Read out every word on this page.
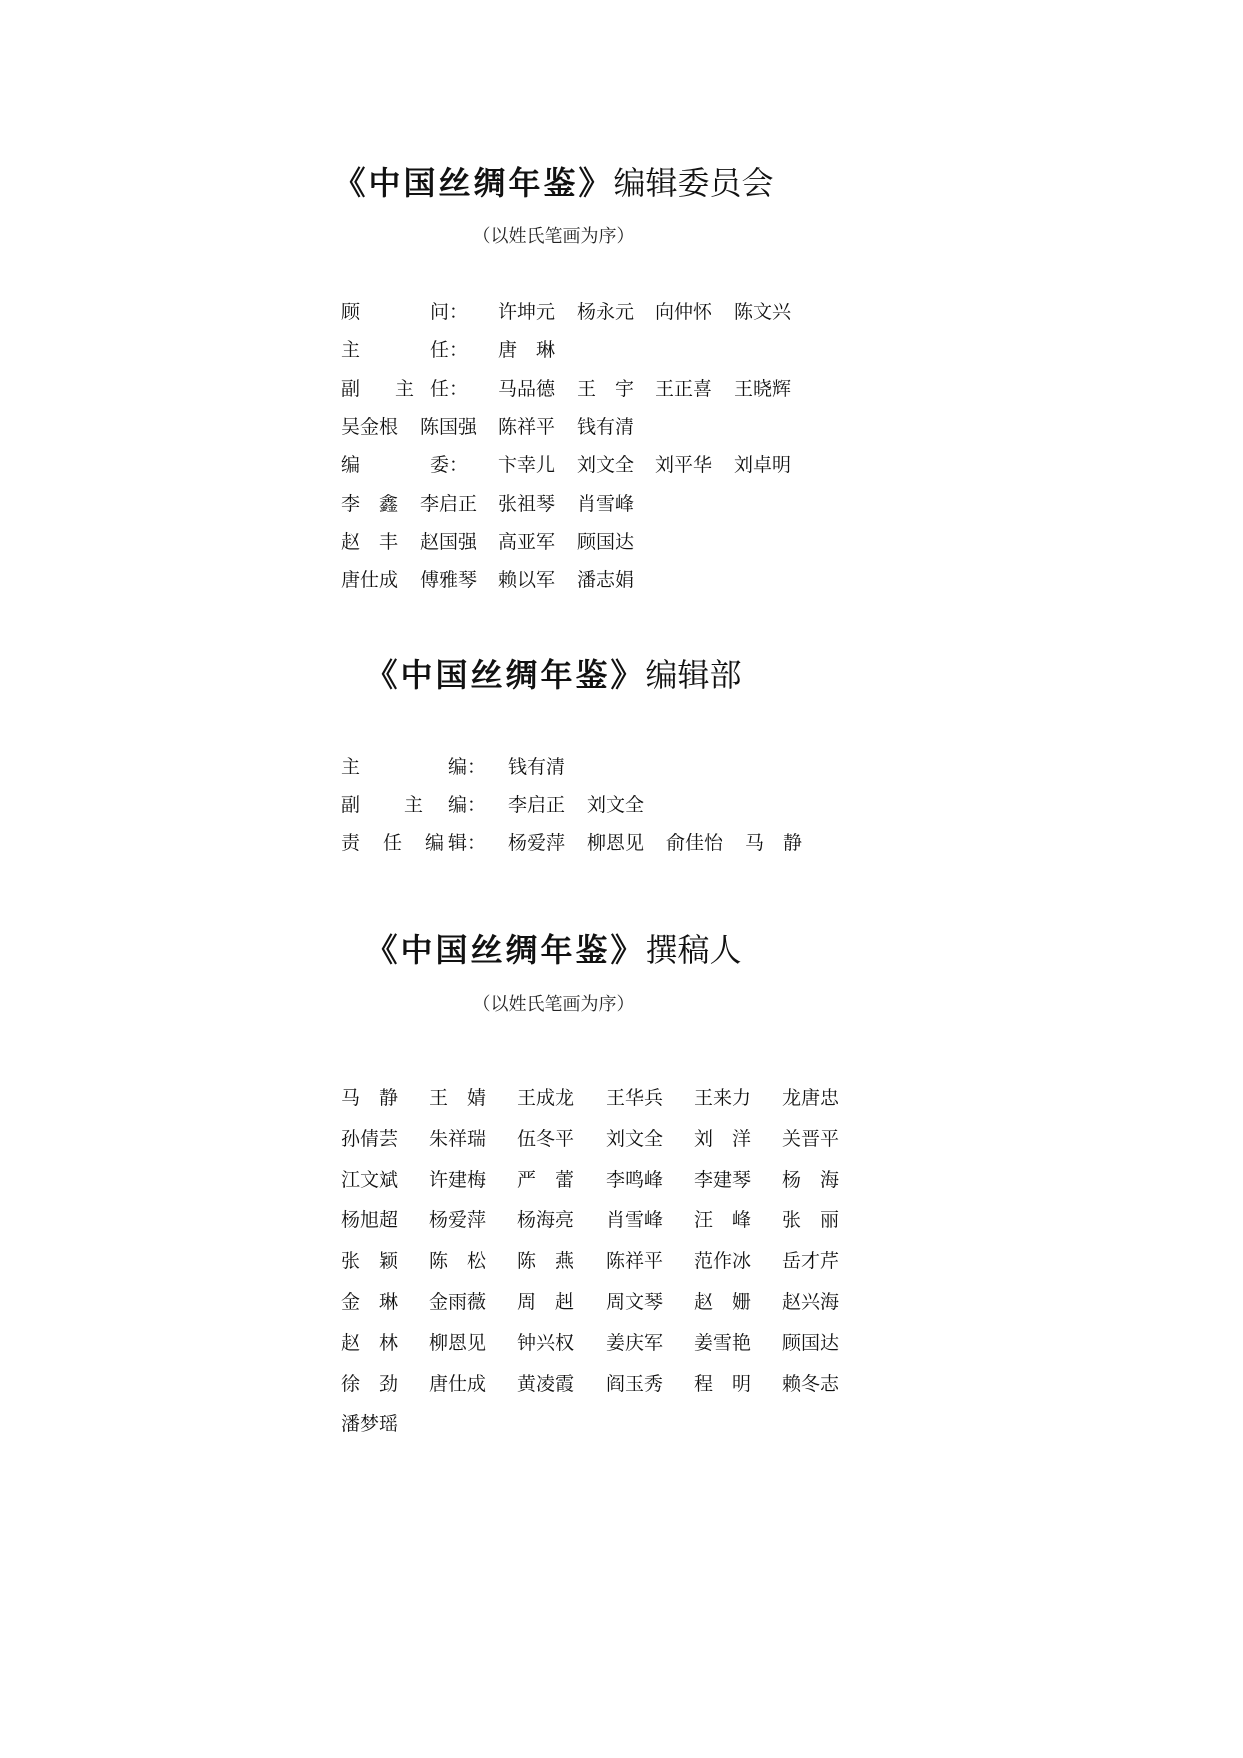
《中国丝绸年鉴》编辑委员会
（以姓氏笔画为序）
顾	问： 许坤元 杨永元 向仲怀 陈文兴
主	任： 唐 琳
副 主 任： 马品德 王 宇 王正喜 王晓辉
吴金根 陈国强 陈祥平 钱有清
编	委： 卞幸儿 刘文全 刘平华 刘卓明
李 鑫 李启正 张祖琴 肖雪峰
赵 丰 赵国强 高亚军 顾国达
唐仕成 傅雅琴 赖以军 潘志娟
《中国丝绸年鉴》编辑部
主	编： 钱有清
副 主 编： 李启正 刘文全
责 任 编 辑： 杨爱萍 柳恩见 俞佳怡 马 静
《中国丝绸年鉴》撰稿人
（以姓氏笔画为序）
马 静 王 婧 王成龙 王华兵 王来力 龙唐忠
孙倩芸 朱祥瑞 伍冬平 刘文全 刘 洋 关晋平
江文斌 许建梅 严 蕾 李鸣峰 李建琴 杨 海
杨旭超 杨爱萍 杨海亮 肖雪峰 汪 峰 张 丽
张 颖 陈 松 陈 燕 陈祥平 范作冰 岳才芹
金 琳 金雨薇 周 赳 周文琴 赵 姗 赵兴海
赵 林 柳恩见 钟兴权 姜庆军 姜雪艳 顾国达
徐 劲 唐仕成 黄凌霞 阎玉秀 程 明 赖冬志
潘梦瑶
